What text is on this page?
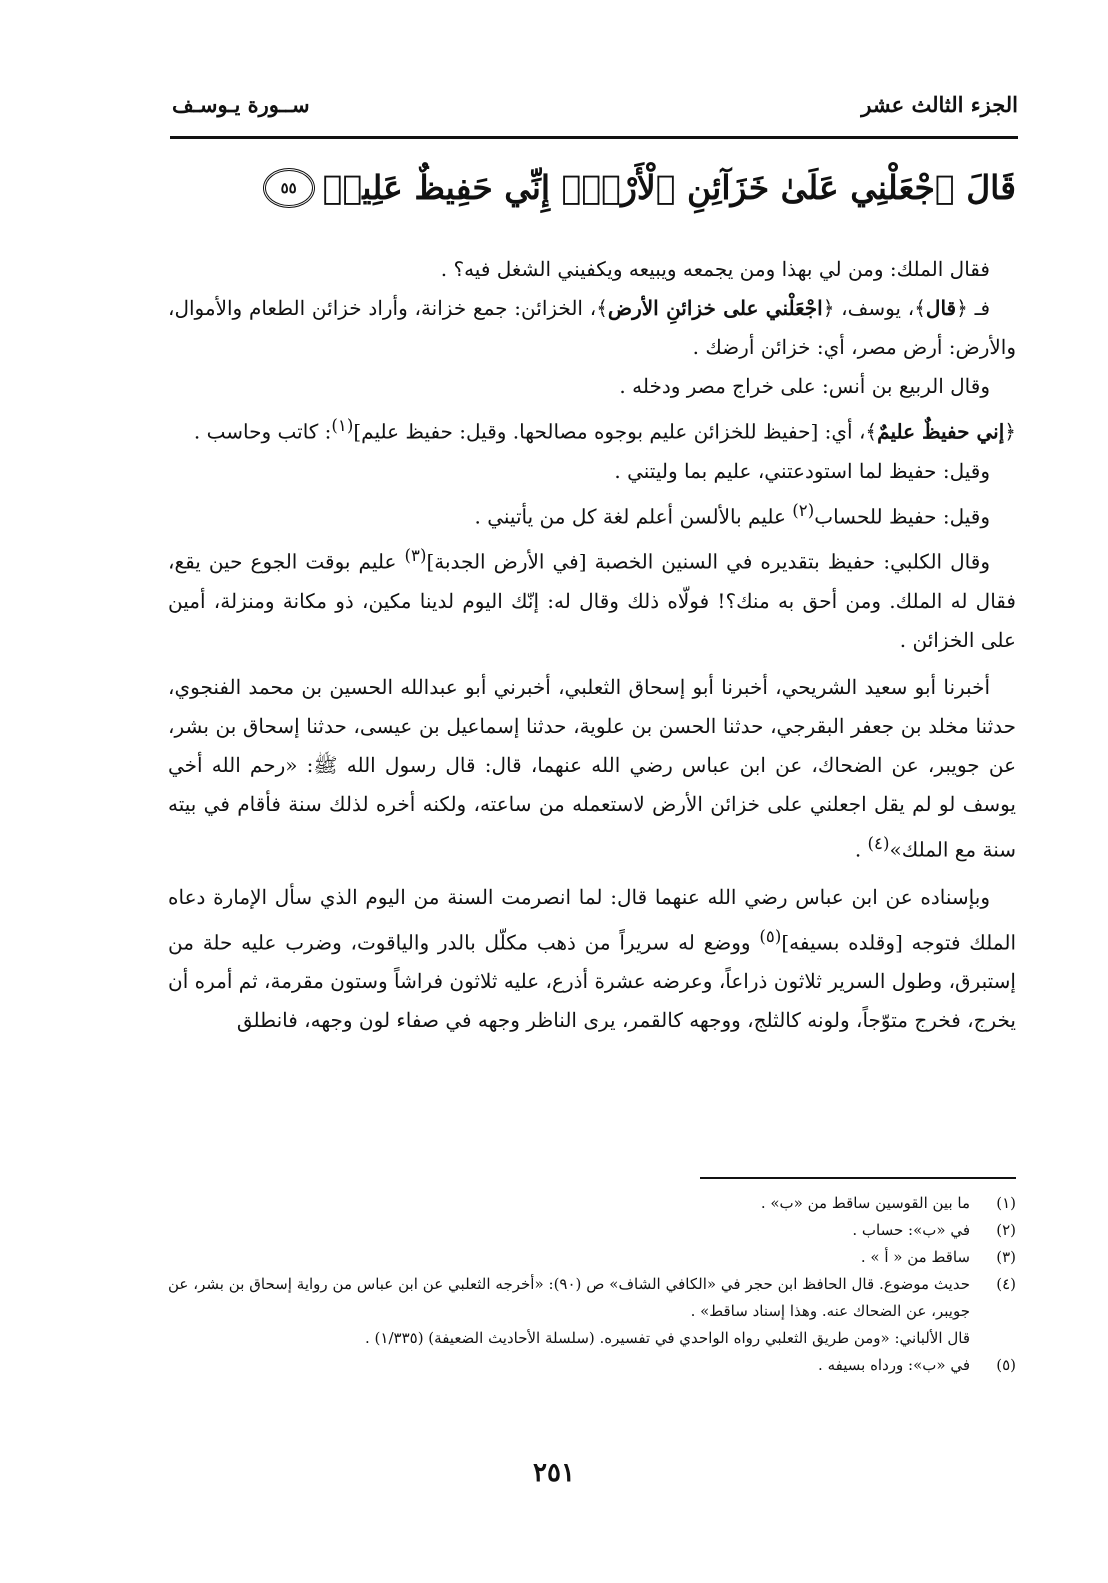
الجزء الثالث عشر
ســورة يـوسـف
قَالَ ٱجْعَلْنِي عَلَىٰ خَزَآئِنِ ٱلْأَرْضِۖ إِنِّي حَفِيظٌ عَلِيمٞ
٥٥

فقال الملك: ومن لي بهذا ومن يجمعه ويبيعه ويكفيني الشغل فيه؟ .

فـ ﴿قال﴾، يوسف، ﴿اجْعَلْني على خزائنِ الأرض﴾، الخزائن: جمع خزانة، وأراد خزائن الطعام والأموال، والأرض: أرض مصر، أي: خزائن أرضك .

وقال الربيع بن أنس: على خراج مصر ودخله .

﴿إني حفيظٌ عليمٌ﴾، أي: [حفيظ للخزائن عليم بوجوه مصالحها. وقيل: حفيظ عليم]$^{(١)}$: كاتب وحاسب .

وقيل: حفيظ لما استودعتني، عليم بما وليتني .

وقيل: حفيظ للحساب$^{(٢)}$ عليم بالألسن أعلم لغة كل من يأتيني .

وقال الكلبي: حفيظ بتقديره في السنين الخصبة [في الأرض الجدبة]$^{(٣)}$ عليم بوقت الجوع حين يقع، فقال له الملك. ومن أحق به منك؟! فولّاه ذلك وقال له: إنّك اليوم لدينا مكين، ذو مكانة ومنزلة، أمين على الخزائن .

أخبرنا أبو سعيد الشريحي، أخبرنا أبو إسحاق الثعلبي، أخبرني أبو عبدالله الحسين بن محمد الفنجوي، حدثنا مخلد بن جعفر البقرجي، حدثنا الحسن بن علوية، حدثنا إسماعيل بن عيسى، حدثنا إسحاق بن بشر، عن جويبر، عن الضحاك، عن ابن عباس رضي الله عنهما، قال: قال رسول الله ﷺ: «رحم الله أخي يوسف لو لم يقل اجعلني على خزائن الأرض لاستعمله من ساعته، ولكنه أخره لذلك سنة فأقام في بيته سنة مع الملك»$^{(٤)}$ .

وبإسناده عن ابن عباس رضي الله عنهما قال: لما انصرمت السنة من اليوم الذي سأل الإمارة دعاه الملك فتوجه [وقلده بسيفه]$^{(٥)}$ ووضع له سريراً من ذهب مكلّل بالدر والياقوت، وضرب عليه حلة من إستبرق، وطول السرير ثلاثون ذراعاً، وعرضه عشرة أذرع، عليه ثلاثون فراشاً وستون مقرمة، ثم أمره أن يخرج، فخرج متوّجاً، ولونه كالثلج، ووجهه كالقمر، يرى الناظر وجهه في صفاء لون وجهه، فانطلق

(١)
ما بين القوسين ساقط من «ب» .
(٢)
في «ب»: حساب .
(٣)
ساقط من « أ » .
(٤)
حديث موضوع. قال الحافظ ابن حجر في «الكافي الشاف» ص (٩٠): «أخرجه الثعلبي عن ابن عباس من رواية إسحاق بن بشر، عن جويبر، عن الضحاك عنه. وهذا إسناد ساقط» .
قال الألباني: «ومن طريق الثعلبي رواه الواحدي في تفسيره. (سلسلة الأحاديث الضعيفة) (١/٣٣٥) .
(٥)
في «ب»: ورداه بسيفه .
٢٥١
